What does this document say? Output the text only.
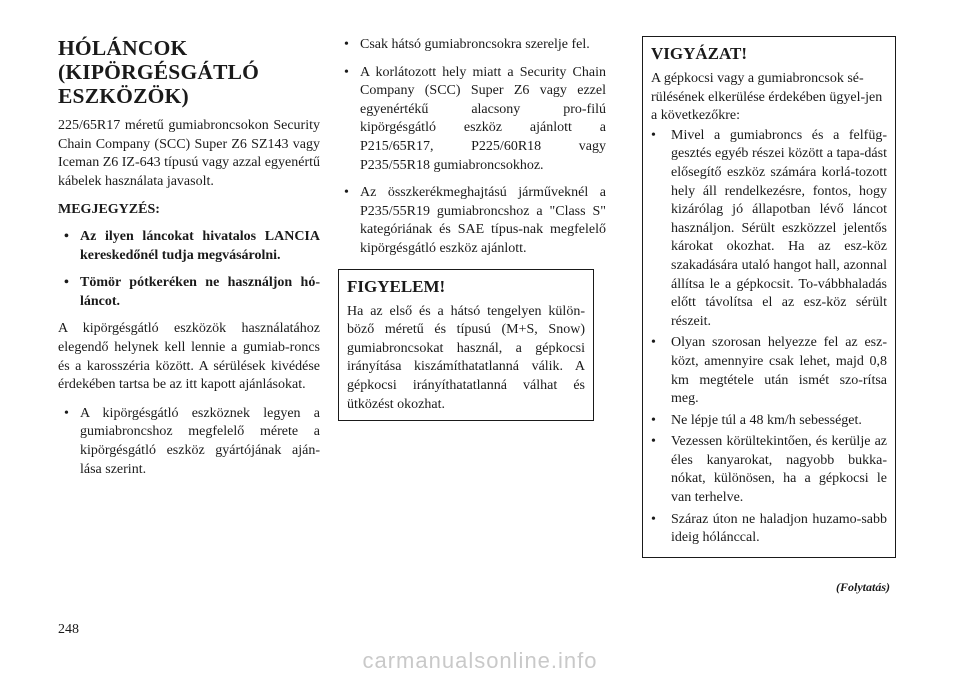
HÓLÁNCOK
(KIPÖRGÉSGÁTLÓ
ESZKÖZÖK)

225/65R17 méretű gumiabroncsokon Security Chain Company (SCC) Super Z6 SZ143 vagy Iceman Z6 IZ-643 típusú vagy azzal egyenértű kábelek használata javasolt.

MEGJEGYZÉS:

• Az ilyen láncokat hivatalos LANCIA kereskedőnél tudja megvásárolni.
• Tömör pótkeréken ne használjon hó-láncot.

A kipörgésgátló eszközök használatához elegendő helynek kell lennie a gumiab-roncs és a karosszéria között. A sérülések kivédése érdekében tartsa be az itt kapott ajánlásokat.

• A kipörgésgátló eszköznek legyen a gumiabroncshoz megfelelő mérete a kipörgésgátló eszköz gyártójának aján-lása szerint.
• Csak hátsó gumiabroncsokra szerelje fel.
• A korlátozott hely miatt a Security Chain Company (SCC) Super Z6 vagy ezzel egyenértékű alacsony pro-filú kipörgésgátló eszköz ajánlott a P215/65R17, P225/60R18 vagy P235/55R18 gumiabroncsokhoz.
• Az összkerékmeghajtású járműveknél a P235/55R19 gumiabroncshoz a "Class S" kategóriának és SAE típus-nak megfelelő kipörgésgátló eszköz ajánlott.
FIGYELEM!

Ha az első és a hátsó tengelyen külön-böző méretű és típusú (M+S, Snow) gumiabroncsokat használ, a gépkocsi irányítása kiszámíthatatlanná válik. A gépkocsi irányíthatatlanná válhat és ütközést okozhat.

VIGYÁZAT!

A gépkocsi vagy a gumiabroncsok sé-rülésének elkerülése érdekében ügyel-jen a következőkre:

• Mivel a gumiabroncs és a felfüg-gesztés egyéb részei között a tapa-dást elősegítő eszköz számára korlá-tozott hely áll rendelkezésre, fontos, hogy kizárólag jó állapotban lévő láncot használjon. Sérült eszközzel jelentős károkat okozhat. Ha az esz-köz szakadására utaló hangot hall, azonnal állítsa le a gépkocsit. To-vábbhaladás előtt távolítsa el az esz-köz sérült részeit.
• Olyan szorosan helyezze fel az esz-közt, amennyire csak lehet, majd 0,8 km megtétele után ismét szo-rítsa meg.
• Ne lépje túl a 48 km/h sebességet.
• Vezessen körültekintően, és kerülje az éles kanyarokat, nagyobb bukka-nókat, különösen, ha a gépkocsi le van terhelve.
• Száraz úton ne haladjon huzamo-sabb ideig hólánccal.
(Folytatás)
248
carmanualsonline.info
